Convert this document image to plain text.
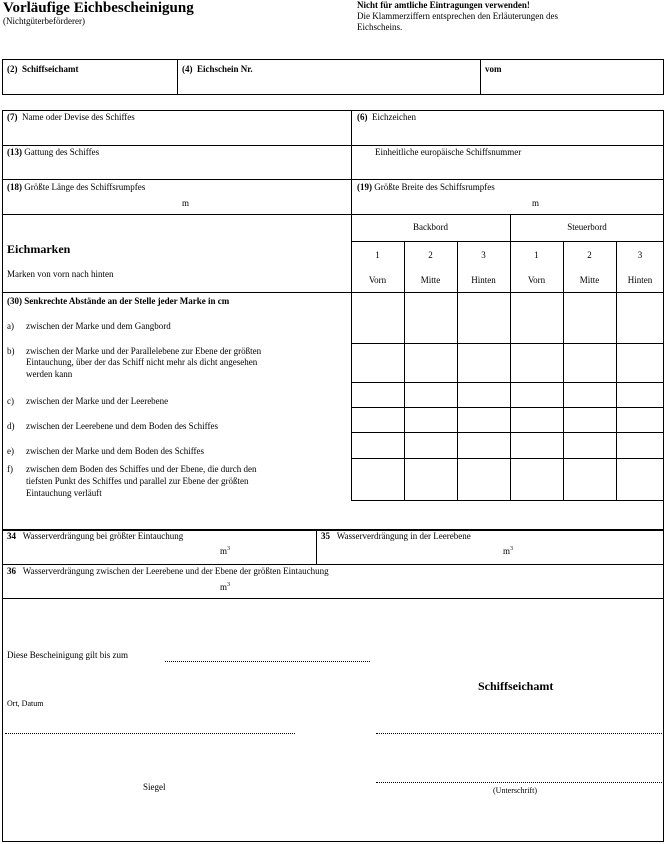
Vorläufige Eichbescheinigung
(Nichtgüterbeförderer)
Nicht für amtliche Eintragungen verwenden!
Die Klammerziffern entsprechen den Erläuterungen des
Eichscheins.
(2) Schiffseichamt	(4) Eichschein Nr.	vom
(7) Name oder Devise des Schiffes	(6) Eichzeichen
(13) Gattung des Schiffes	Einheitliche europäische Schiffsnummer
(18) Größte Länge des Schiffsrumpfes
m
(19) Größte Breite des Schiffsrumpfes
m
Eichmarken
Marken von vorn nach hinten
Backbord	Steuerbord
1	2	3	1	2	3
Vorn	Mitte	Hinten	Vorn	Mitte	Hinten
(30) Senkrechte Abstände an der Stelle jeder Marke in cm
a) zwischen der Marke und dem Gangbord
b) zwischen der Marke und der Parallelebene zur Ebene der größten
Eintauchung, über der das Schiff nicht mehr als dicht angesehen
werden kann
c) zwischen der Marke und der Leerebene
d) zwischen der Leerebene und dem Boden des Schiffes
e) zwischen der Marke und dem Boden des Schiffes
f) zwischen dem Boden des Schiffes und der Ebene, die durch den
tiefsten Punkt des Schiffes und parallel zur Ebene der größten
Eintauchung verläuft
34 Wasserverdrängung bei größter Eintauchung
$m^3$
35 Wasserverdrängung in der Leerebene
$m^3$
36 Wasserverdrängung zwischen der Leerebene und der Ebene der größten Eintauchung
$m^3$
Diese Bescheinigung gilt bis zum
Ort, Datum
Schiffseichamt
Siegel	(Unterschrift)
